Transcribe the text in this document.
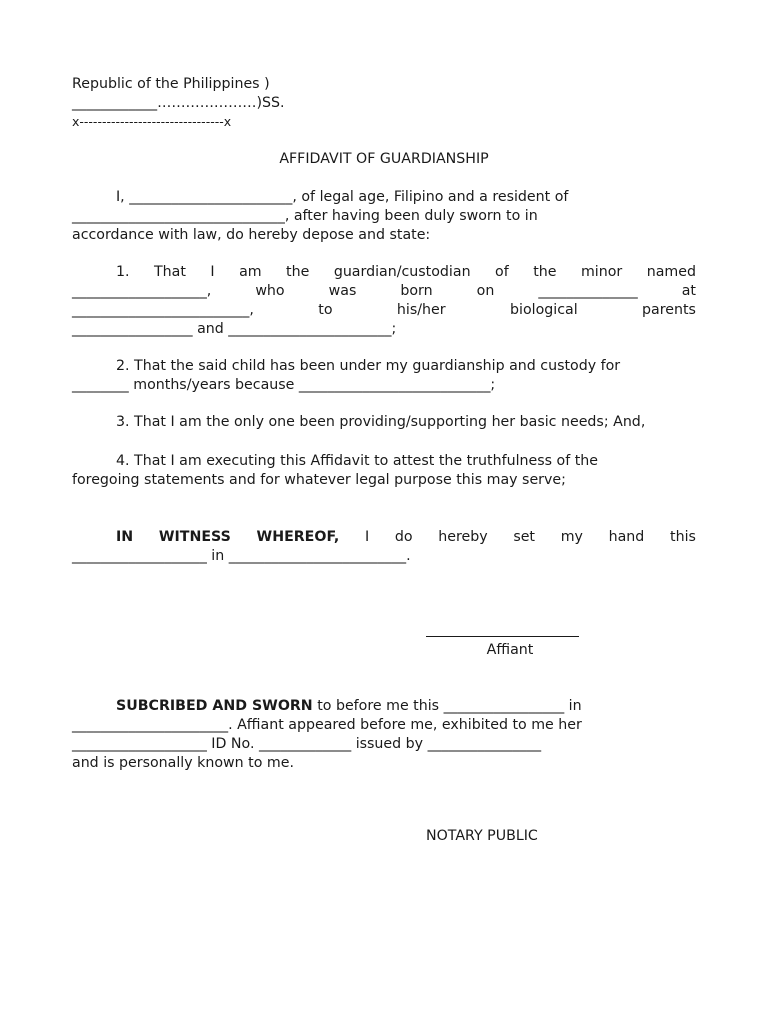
Republic of the Philippines )

____________…………………)SS.

x--------------------------------x

AFFIDAVIT OF GUARDIANSHIP

I, _______________________, of legal age, Filipino and a resident of

______________________________, after having been duly sworn to in

accordance with law, do hereby depose and state:

1. That I am the guardian/custodian of the minor named
___________________,	who	was	born	on	______________	at
_________________________,	to	his/her	biological	parents

_________________ and _______________________;

2. That the said child has been under my guardianship and custody for

________ months/years because ___________________________;

3. That I am the only one been providing/supporting her basic needs; And,

4. That I am executing this Affidavit to attest the truthfulness of the

foregoing statements and for whatever legal purpose this may serve;

IN WITNESS WHEREOF, I do hereby set my hand this

___________________ in _________________________.

Affiant

SUBCRIBED AND SWORN to before me this _________________ in

______________________. Affiant appeared before me, exhibited to me her

___________________ ID No. _____________ issued by ________________

and is personally known to me.

NOTARY PUBLIC
